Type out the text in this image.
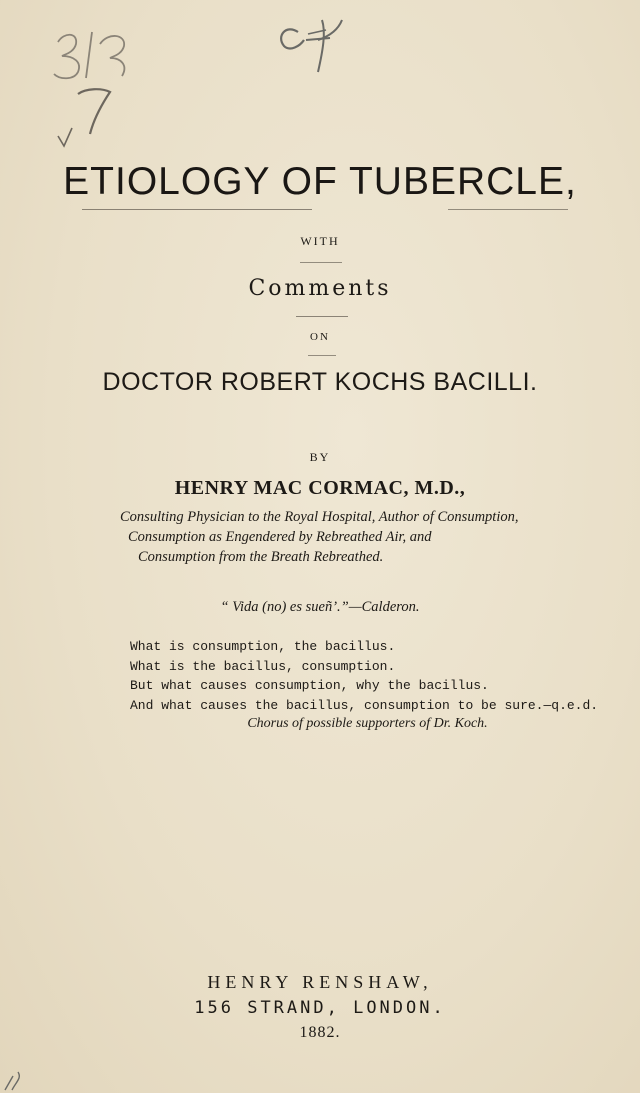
ETIOLOGY OF TUBERCLE,
WITH
Comments
ON
DOCTOR ROBERT KOCHS BACILLI.
BY
HENRY MAC CORMAC, M.D.,
Consulting Physician to the Royal Hospital, Author of Consumption,
Consumption as Engendered by Rebreathed Air, and
Consumption from the Breath Rebreathed.
“ Vida (no) es sueñ’.”—Calderon.
What is consumption, the bacillus.
What is the bacillus, consumption.
But what causes consumption, why the bacillus.
And what causes the bacillus, consumption to be sure.—q.e.d.
Chorus of possible supporters of Dr. Koch.
HENRY RENSHAW,
156 STRAND, LONDON.
1882.
